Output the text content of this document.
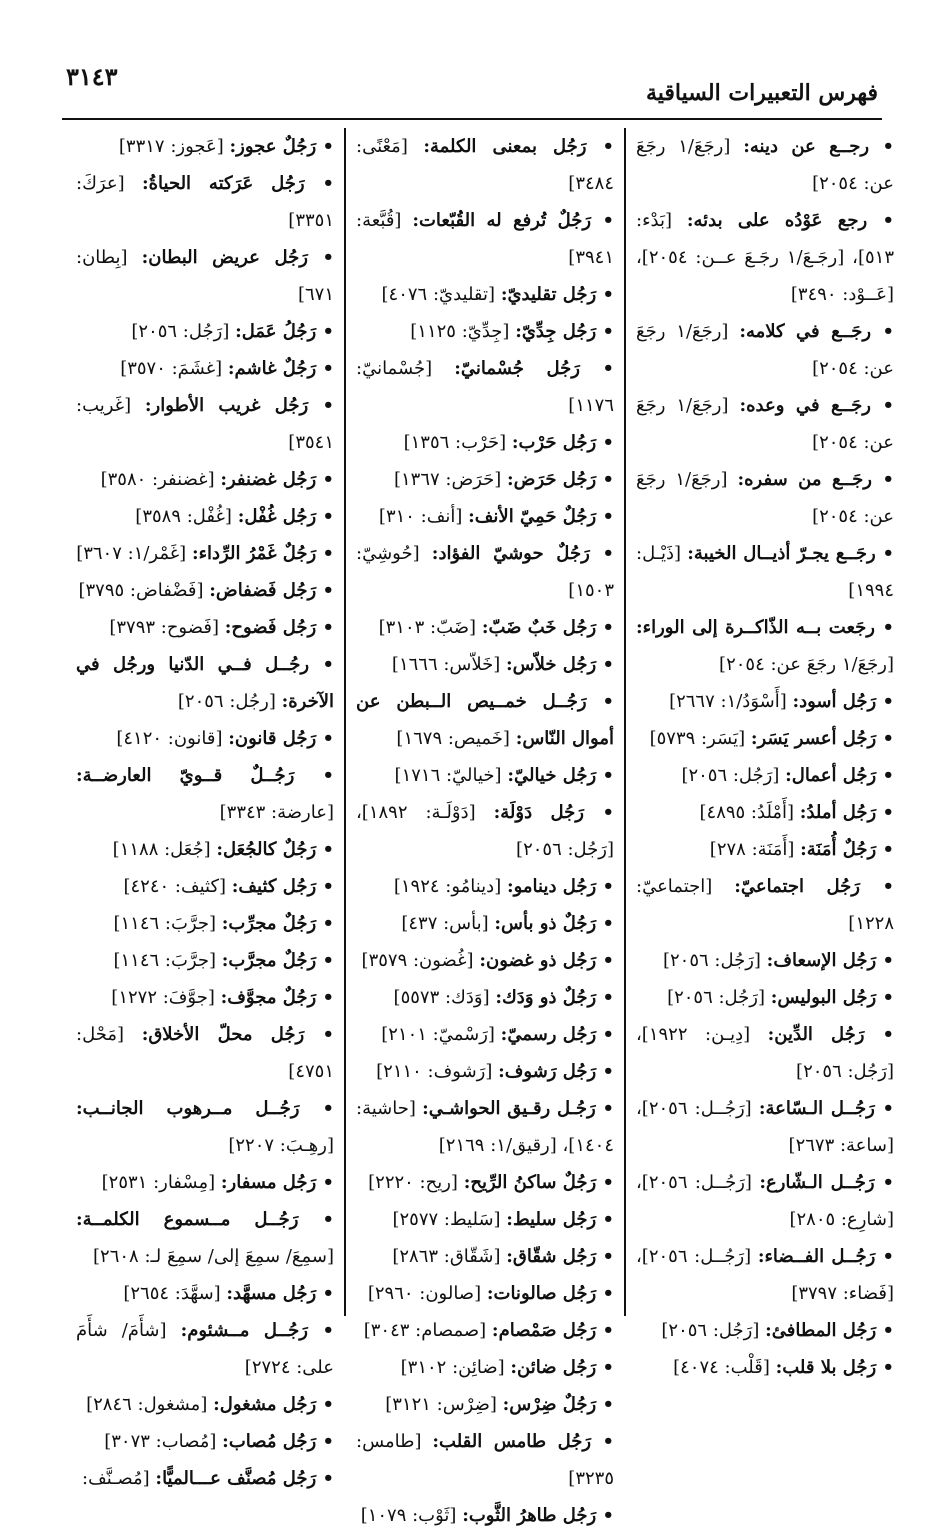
٣١٤٣
فهرس التعبيرات السياقية

• رجــع عن دينه: [رجَعَ/١ رجَعَ عن: ٢٠٥٤]

• رجع عَوْدُه على بدئه: [بَدْء: ٥١٣]، [رجَـعَ/١ رجَـعَ عــن: ٢٠٥٤]، [عَــوْد: ٣٤٩٠]

• رجَــع في كلامه: [رجَعَ/١ رجَعَ عن: ٢٠٥٤]

• رجَــع في وعده: [رجَعَ/١ رجَعَ عن: ٢٠٥٤]

• رجَــع من سفره: [رجَعَ/١ رجَعَ عن: ٢٠٥٤]

• رجَــع يجـرّ أذيــال الخيبة: [ذَيْـل: ١٩٩٤]

• رجَعت بــه الذّاكــرة إلى الوراء: [رجَعَ/١ رجَعَ عن: ٢٠٥٤]

• رَجُل أسود: [أَسْوَدُ/١: ٢٦٦٧]

• رَجُل أعسر يَسَر: [يَسَر: ٥٧٣٩]

• رَجُل أعمال: [رَجُل: ٢٠٥٦]

• رَجُل أملدُ: [أَمْلَدُ: ٤٨٩٥]

• رَجُلٌ أُمَنَة: [أَمَنَة: ٢٧٨]

• رَجُل اجتماعيّ: [اجتماعيّ: ١٢٢٨]

• رَجُل الإسعاف: [رَجُل: ٢٠٥٦]

• رَجُل البوليس: [رَجُل: ٢٠٥٦]

• رَجُل الدِّين: [دِيـن: ١٩٢٢]، [رَجُل: ٢٠٥٦]

• رَجُــل الـسّاعة: [رَجُــل: ٢٠٥٦]، [ساعة: ٢٦٧٣]

• رَجُــل الـشّارع: [رَجُــل: ٢٠٥٦]، [شارِع: ٢٨٠٥]

• رَجُــل الفــضاء: [رَجُــل: ٢٠٥٦]، [فَضاء: ٣٧٩٧]

• رَجُل المطافئ: [رَجُل: ٢٠٥٦]

• رَجُل بلا قلب: [قَلْب: ٤٠٧٤]

• رَجُل بمعنى الكلمة: [مَعْنًى: ٣٤٨٤]

• رَجُلٌ تُرفع له القُبّعات: [قُبَّعة: ٣٩٤١]

• رَجُل تقليديّ: [تقليديّ: ٤٠٧٦]

• رَجُل جِدِّيّ: [جِدِّيّ: ١١٢٥]

• رَجُل جُسْمانيّ: [جُسْمانيّ: ١١٧٦]

• رَجُل حَرْب: [حَرْب: ١٣٥٦]

• رَجُل حَرَض: [حَرَض: ١٣٦٧]

• رَجُلٌ حَمِيّ الأنف: [أنف: ٣١٠]

• رَجُلٌ حوشيّ الفؤاد: [حُوشِيّ: ١٥٠٣]

• رَجُل خَبٌ ضَبّ: [ضَبّ: ٣١٠٣]

• رَجُل خلاّس: [خَلاّس: ١٦٦٦]

• رَجُــل خمــيص الــبطن عن أموال النّاس: [خَميص: ١٦٧٩]

• رَجُل خياليّ: [خياليّ: ١٧١٦]

• رَجُل دَوْلَة: [دَوْلَـة: ١٨٩٢]، [رَجُل: ٢٠٥٦]

• رَجُل دينامو: [دينامُو: ١٩٢٤]

• رَجُلٌ ذو بأس: [بأس: ٤٣٧]

• رَجُل ذو غضون: [غُضون: ٣٥٧٩]

• رَجُلٌ ذو وَدَك: [وَدَك: ٥٥٧٣]

• رَجُل رسميّ: [رَسْميّ: ٢١٠١]

• رَجُل رَشوف: [رَشوف: ٢١١٠]

• رَجُـل رقـيق الحواشـي: [حاشية: ١٤٠٤]، [رقيق/١: ٢١٦٩]

• رَجُلٌ ساكنُ الرِّيح: [ريح: ٢٢٢٠]

• رَجُل سليط: [سَليط: ٢٥٧٧]

• رَجُل شقّاق: [شَقّاق: ٢٨٦٣]

• رَجُل صالونات: [صالون: ٢٩٦٠]

• رَجُل صَمْصام: [صمصام: ٣٠٤٣]

• رَجُل ضائن: [ضائِن: ٣١٠٢]

• رَجُلٌ ضِرْس: [ضِرْس: ٣١٢١]

• رَجُل طامس القلب: [طامس: ٣٢٣٥]

• رَجُل طاهرُ الثَّوب: [ثَوْب: ١٠٧٩]

• رَجُلٌ عجوز: [عَجوز: ٣٣١٧]

• رَجُل عَرَكته الحياةُ: [عرَكَ: ٣٣٥١]

• رَجُل عريض البطان: [بِطان: ٦٧١]

• رَجُلُ عَمَل: [رَجُل: ٢٠٥٦]

• رَجُلٌ غاشم: [غشَمَ: ٣٥٧٠]

• رَجُل غريب الأطوار: [غَريب: ٣٥٤١]

• رَجُل غضنفر: [غضنفر: ٣٥٨٠]

• رَجُل غُفْل: [غُفْل: ٣٥٨٩]

• رَجُلٌ غَمْرُ الرِّداء: [غَمْر/١: ٣٦٠٧]

• رَجُل فَضفاض: [فَضْفاض: ٣٧٩٥]

• رَجُل فَضوح: [فَضوح: ٣٧٩٣]

• رجُــل فــي الدّنيا ورجُل في الآخرة: [رجُل: ٢٠٥٦]

• رَجُل قانون: [قانون: ٤١٢٠]

• رَجُــلٌ قــويّ العارضــة: [عارضة: ٣٣٤٣]

• رَجُلٌ كالجُعَل: [جُعَل: ١١٨٨]

• رَجُل كثيف: [كثيف: ٤٢٤٠]

• رَجُلٌ مجرِّب: [جرَّبَ: ١١٤٦]

• رَجُلٌ مجرَّب: [جرَّبَ: ١١٤٦]

• رَجُلٌ مجوَّف: [جوَّفَ: ١٢٧٢]

• رَجُل محلّ الأخلاق: [مَحْل: ٤٧٥١]

• رَجُــل مــرهوب الجانــب: [رهِـبَ: ٢٢٠٧]

• رَجُل مسفار: [مِسْفار: ٢٥٣١]

• رَجُــل مــسموع الكلمــة: [سمِعَ/ سمِعَ إلى/ سمِعَ لـ: ٢٦٠٨]

• رَجُل مسهَّد: [سهَّدَ: ٢٦٥٤]

• رَجُــل مــشئوم: [شأَمَ/ شأَمَ على: ٢٧٢٤]

• رَجُل مشغول: [مشغول: ٢٨٤٦]

• رَجُل مُصاب: [مُصاب: ٣٠٧٣]

• رَجُل مُصنَّف عـــالميًّا: [مُصـنَّف:
